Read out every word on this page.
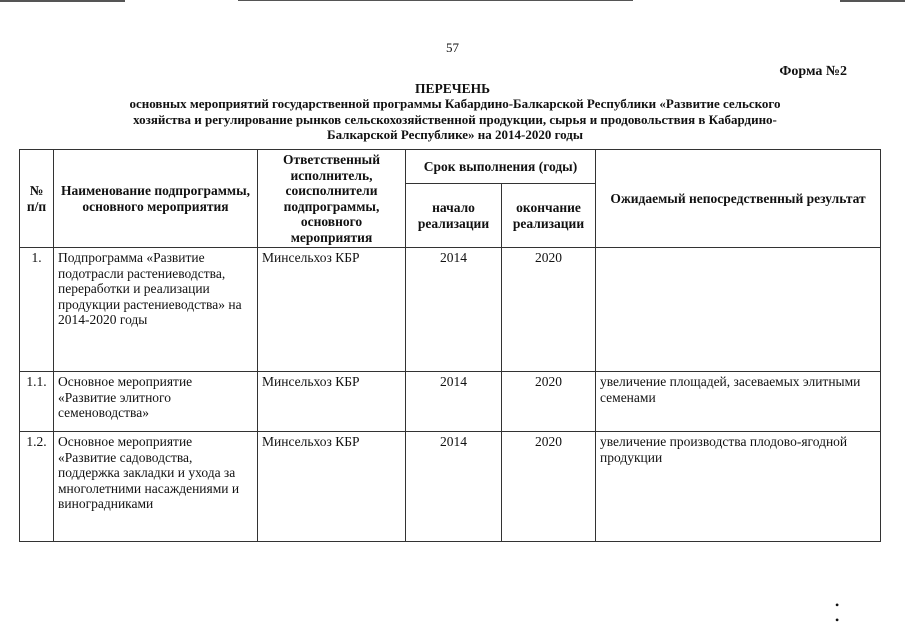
57
Форма №2
ПЕРЕЧЕНЬ
основных мероприятий государственной программы Кабардино-Балкарской Республики «Развитие сельского
хозяйства и регулирование рынков сельскохозяйственной продукции, сырья и продовольствия в Кабардино-
Балкарской Республике» на 2014-2020 годы
№ п/п	Наименование подпрограммы, основного мероприятия	Ответственный исполнитель, соисполнители подпрограммы, основного мероприятия	Срок выполнения (годы)		Ожидаемый непосредственный результат
			начало реализации	окончание реализации	
1.	Подпрограмма «Развитие подотрасли растениеводства, переработки и реализации продукции растениеводства» на 2014-2020 годы	Минсельхоз КБР	2014	2020	
1.1.	Основное мероприятие «Развитие элитного семеноводства»	Минсельхоз КБР	2014	2020	увеличение площадей, засеваемых элитными семенами
1.2.	Основное мероприятие «Развитие садоводства, поддержка закладки и ухода за многолетними насаждениями и виноградниками	Минсельхоз КБР	2014	2020	увеличение производства плодово-ягодной продукции
• •
